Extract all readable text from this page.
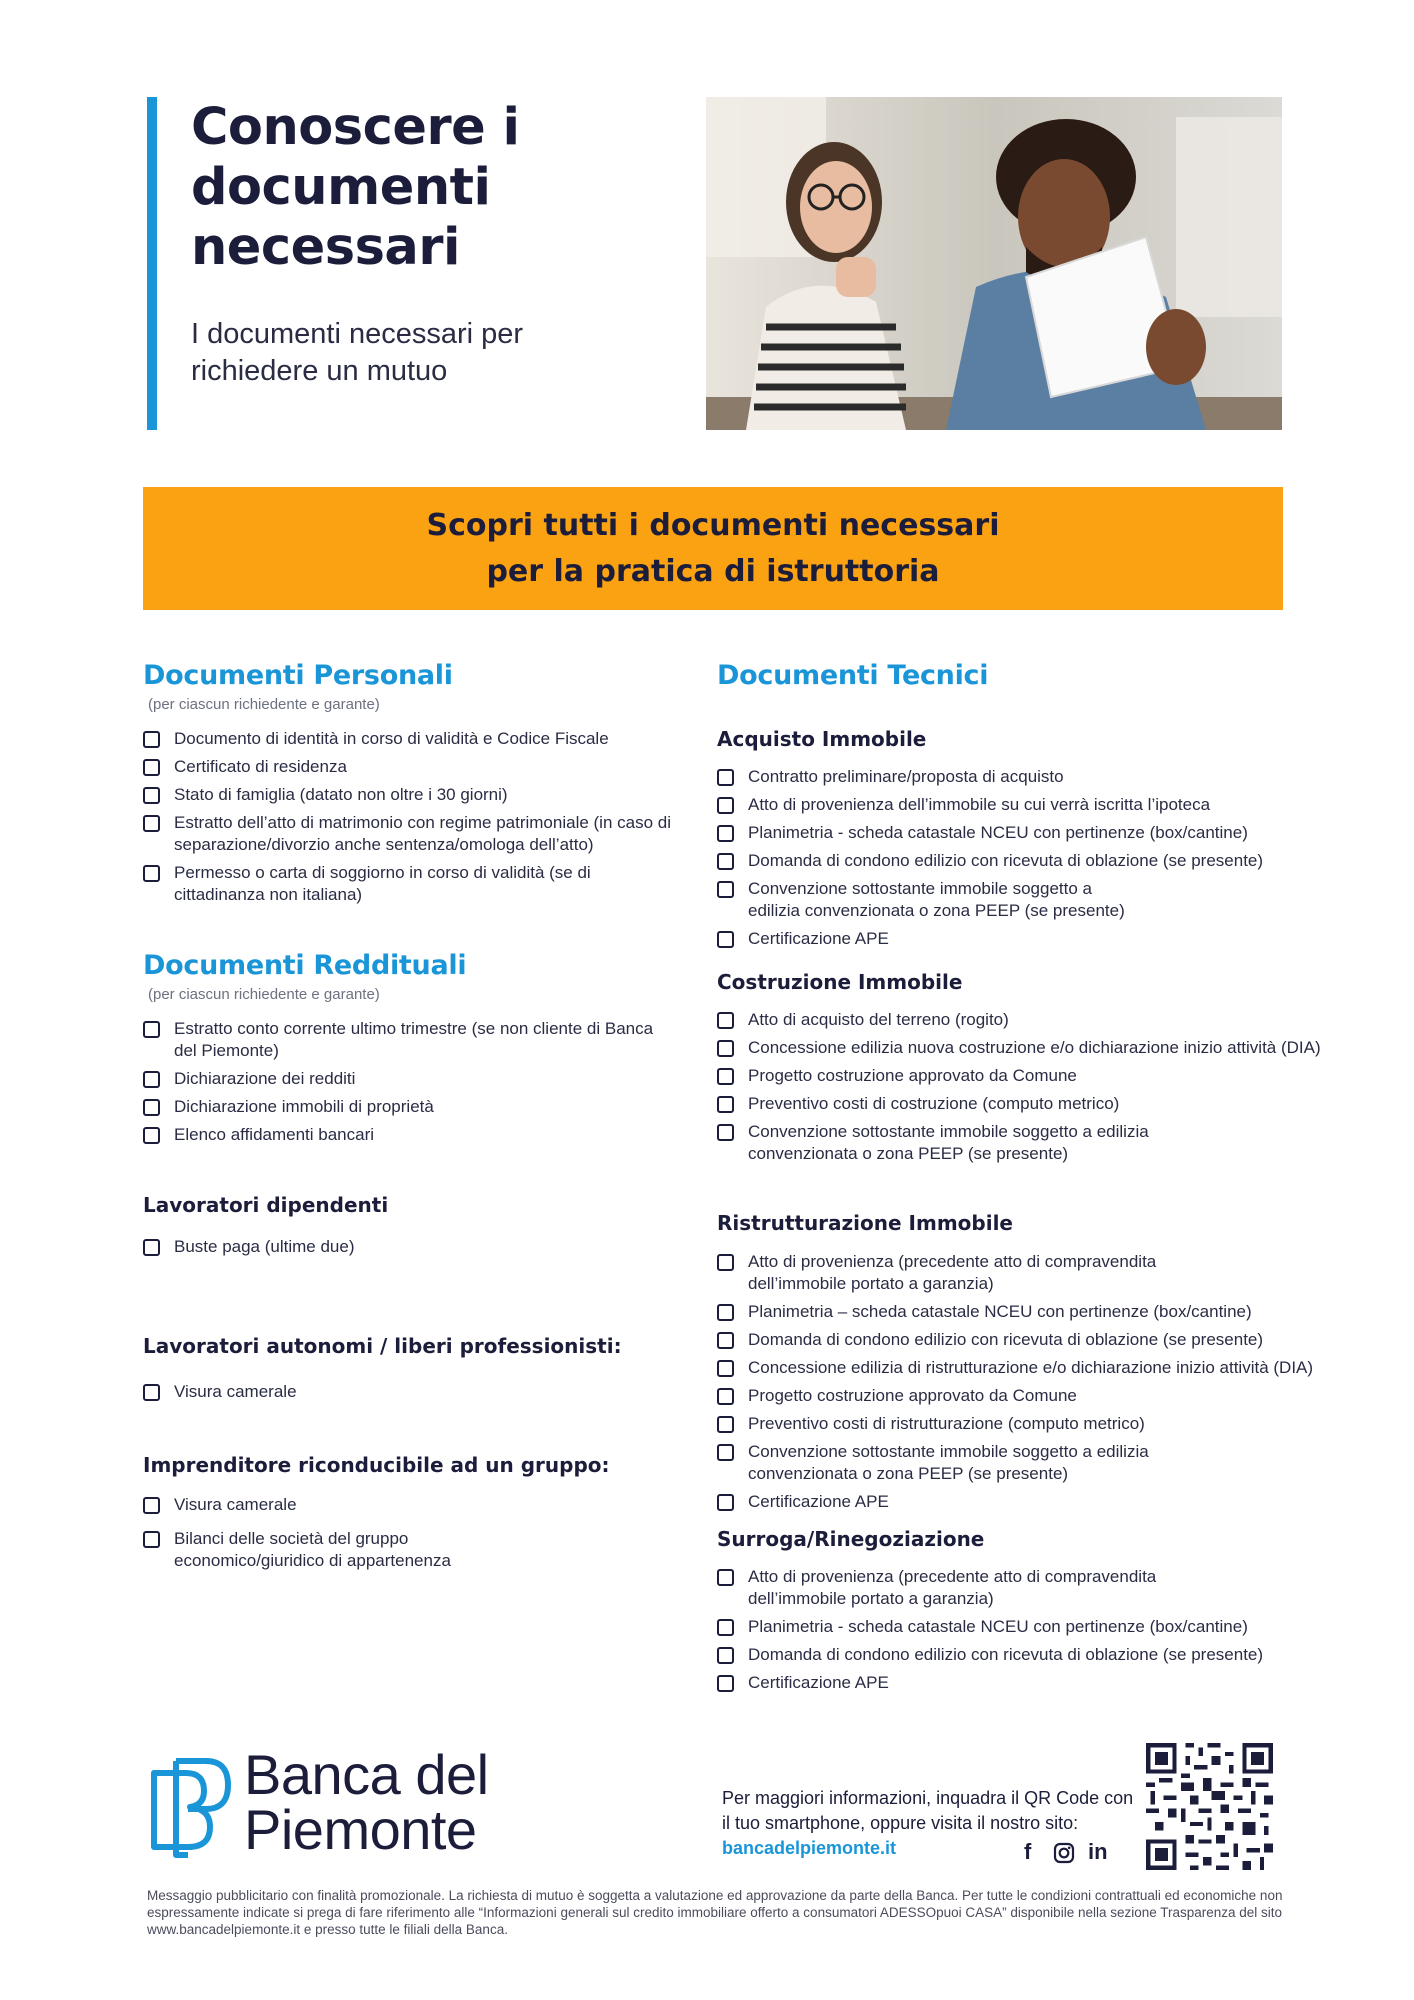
Conoscere i documenti necessari

I documenti necessari per richiedere un mutuo

Scopri tutti i documenti necessari
per la pratica di istruttoria
Documenti Personali
(per ciascun richiedente e garante)
Documento di identità in corso di validità e Codice Fiscale
Certificato di residenza
Stato di famiglia (datato non oltre i 30 giorni)
Estratto dell’atto di matrimonio con regime patrimoniale (in caso di separazione/divorzio anche sentenza/omologa dell’atto)
Permesso o carta di soggiorno in corso di validità (se di cittadinanza non italiana)
Documenti Reddituali
(per ciascun richiedente e garante)
Estratto conto corrente ultimo trimestre (se non cliente di Banca del Piemonte)
Dichiarazione dei redditi
Dichiarazione immobili di proprietà
Elenco affidamenti bancari
Lavoratori dipendenti
Buste paga (ultime due)
Lavoratori autonomi / liberi professionisti:
Visura camerale
Imprenditore riconducibile ad un gruppo:
Visura camerale
Bilanci delle società del gruppo economico/giuridico di appartenenza
Documenti Tecnici
Acquisto Immobile
Contratto preliminare/proposta di acquisto
Atto di provenienza dell’immobile su cui verrà iscritta l’ipoteca
Planimetria - scheda catastale NCEU con pertinenze (box/cantine)
Domanda di condono edilizio con ricevuta di oblazione (se presente)
Convenzione sottostante immobile soggetto a edilizia convenzionata o zona PEEP (se presente)
Certificazione APE
Costruzione Immobile
Atto di acquisto del terreno (rogito)
Concessione edilizia nuova costruzione e/o dichiarazione inizio attività (DIA)
Progetto costruzione approvato da Comune
Preventivo costi di costruzione (computo metrico)
Convenzione sottostante immobile soggetto a edilizia convenzionata o zona PEEP (se presente)
Ristrutturazione Immobile
Atto di provenienza (precedente atto di compravendita dell’immobile portato a garanzia)
Planimetria – scheda catastale NCEU con pertinenze (box/cantine)
Domanda di condono edilizio con ricevuta di oblazione (se presente)
Concessione edilizia di ristrutturazione e/o dichiarazione inizio attività (DIA)
Progetto costruzione approvato da Comune
Preventivo costi di ristrutturazione (computo metrico)
Convenzione sottostante immobile soggetto a edilizia convenzionata o zona PEEP (se presente)
Certificazione APE
Surroga/Rinegoziazione
Atto di provenienza (precedente atto di compravendita dell’immobile portato a garanzia)
Planimetria - scheda catastale NCEU con pertinenze (box/cantine)
Domanda di condono edilizio con ricevuta di oblazione (se presente)
Certificazione APE
Banca del
Piemonte	Per maggiori informazioni, inquadra il QR Code con il tuo smartphone, oppure visita il nostro sito: bancadelpiemonte.it	f	in

Messaggio pubblicitario con finalità promozionale. La richiesta di mutuo è soggetta a valutazione ed approvazione da parte della Banca. Per tutte le condizioni contrattuali ed economiche non espressamente indicate si prega di fare riferimento alle “Informazioni generali sul credito immobiliare offerto a consumatori ADESSOpuoi CASA” disponibile nella sezione Trasparenza del sito www.bancadelpiemonte.it e presso tutte le filiali della Banca.
